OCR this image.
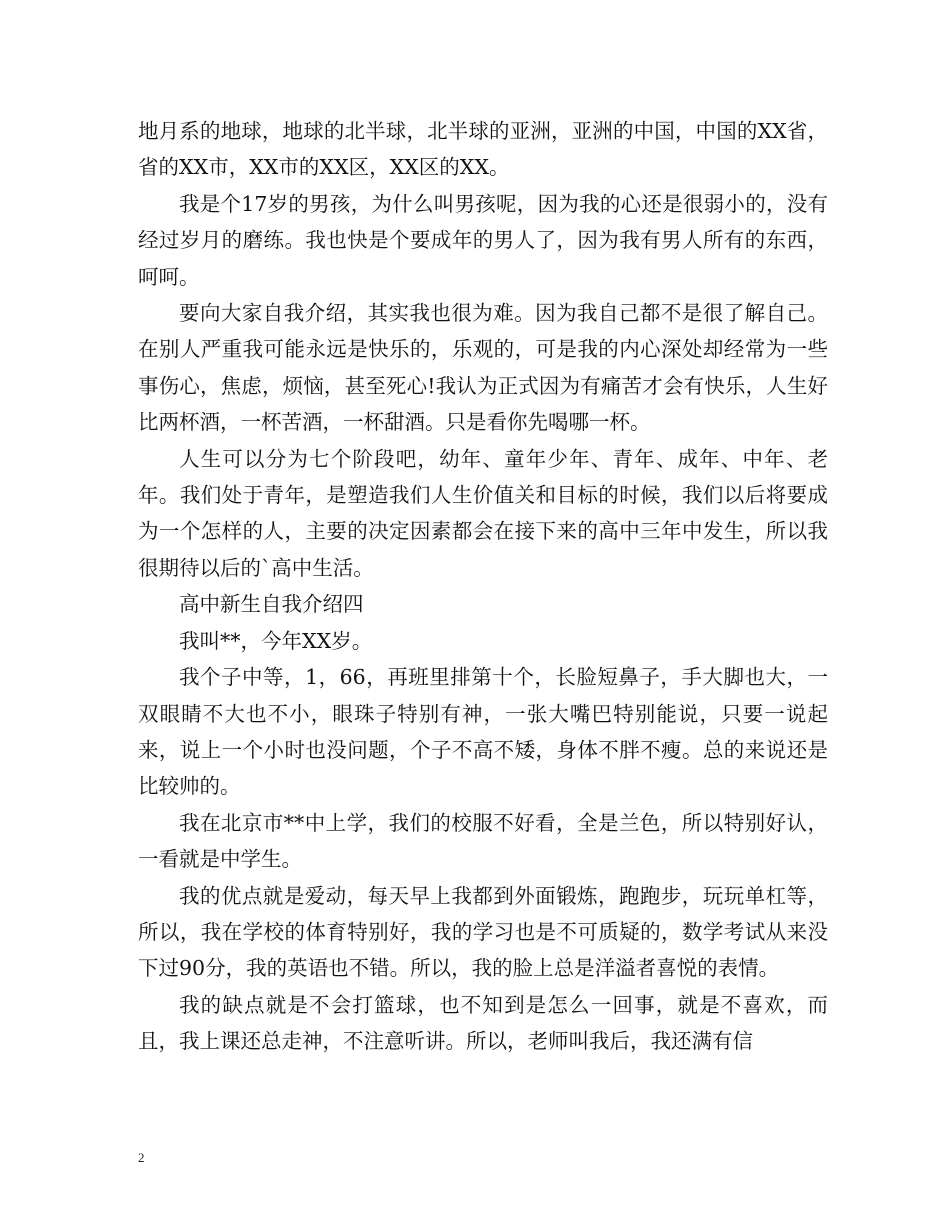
地月系的地球，地球的北半球，北半球的亚洲，亚洲的中国，中国的XX省，省的XX市，XX市的XX区，XX区的XX。

我是个17岁的男孩，为什么叫男孩呢，因为我的心还是很弱小的，没有经过岁月的磨练。我也快是个要成年的男人了，因为我有男人所有的东西，呵呵。

要向大家自我介绍，其实我也很为难。因为我自己都不是很了解自己。在别人严重我可能永远是快乐的，乐观的，可是我的内心深处却经常为一些事伤心，焦虑，烦恼，甚至死心!我认为正式因为有痛苦才会有快乐，人生好比两杯酒，一杯苦酒，一杯甜酒。只是看你先喝哪一杯。

人生可以分为七个阶段吧，幼年、童年少年、青年、成年、中年、老年。我们处于青年，是塑造我们人生价值关和目标的时候，我们以后将要成为一个怎样的人，主要的决定因素都会在接下来的高中三年中发生，所以我很期待以后的`高中生活。

高中新生自我介绍四

我叫**，今年XX岁。

我个子中等，1，66，再班里排第十个，长脸短鼻子，手大脚也大，一双眼睛不大也不小，眼珠子特别有神，一张大嘴巴特别能说，只要一说起来，说上一个小时也没问题，个子不高不矮，身体不胖不瘦。总的来说还是比较帅的。

我在北京市**中上学，我们的校服不好看，全是兰色，所以特别好认，一看就是中学生。

我的优点就是爱动，每天早上我都到外面锻炼，跑跑步，玩玩单杠等，所以，我在学校的体育特别好，我的学习也是不可质疑的，数学考试从来没下过90分，我的英语也不错。所以，我的脸上总是洋溢者喜悦的表情。

我的缺点就是不会打篮球，也不知到是怎么一回事，就是不喜欢，而且，我上课还总走神，不注意听讲。所以，老师叫我后，我还满有信

2
